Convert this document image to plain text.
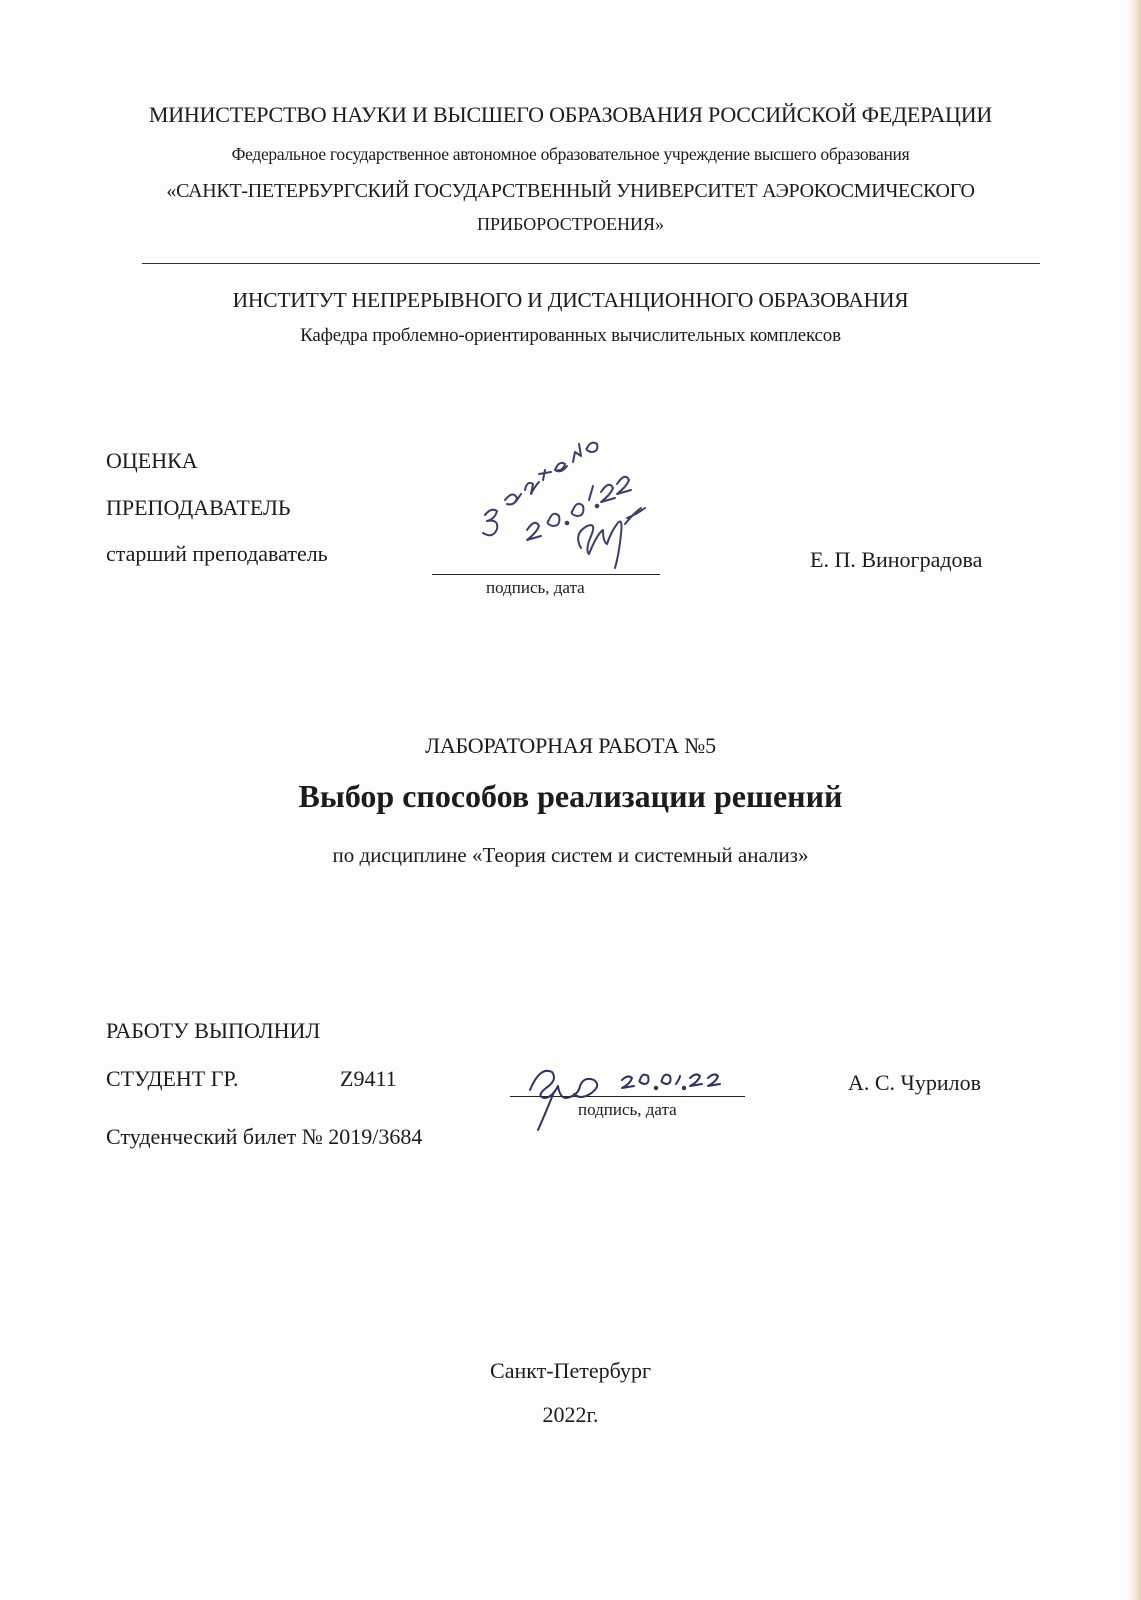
МИНИСТЕРСТВО НАУКИ И ВЫСШЕГО ОБРАЗОВАНИЯ РОССИЙСКОЙ ФЕДЕРАЦИИ
Федеральное государственное автономное образовательное учреждение высшего образования
«САНКТ-ПЕТЕРБУРГСКИЙ ГОСУДАРСТВЕННЫЙ УНИВЕРСИТЕТ АЭРОКОСМИЧЕСКОГО
ПРИБОРОСТРОЕНИЯ»
ИНСТИТУТ НЕПРЕРЫВНОГО И ДИСТАНЦИОННОГО ОБРАЗОВАНИЯ
Кафедра проблемно-ориентированных вычислительных комплексов
ОЦЕНКА
ПРЕПОДАВАТЕЛЬ
старший преподаватель
подпись, дата
Е. П. Виноградова
ЛАБОРАТОРНАЯ РАБОТА №5
Выбор способов реализации решений
по дисциплине «Теория систем и системный анализ»
РАБОТУ ВЫПОЛНИЛ
СТУДЕНТ ГР.	Z9411
подпись, дата
А. С. Чурилов
Студенческий билет № 2019/3684
Санкт-Петербург
2022г.
